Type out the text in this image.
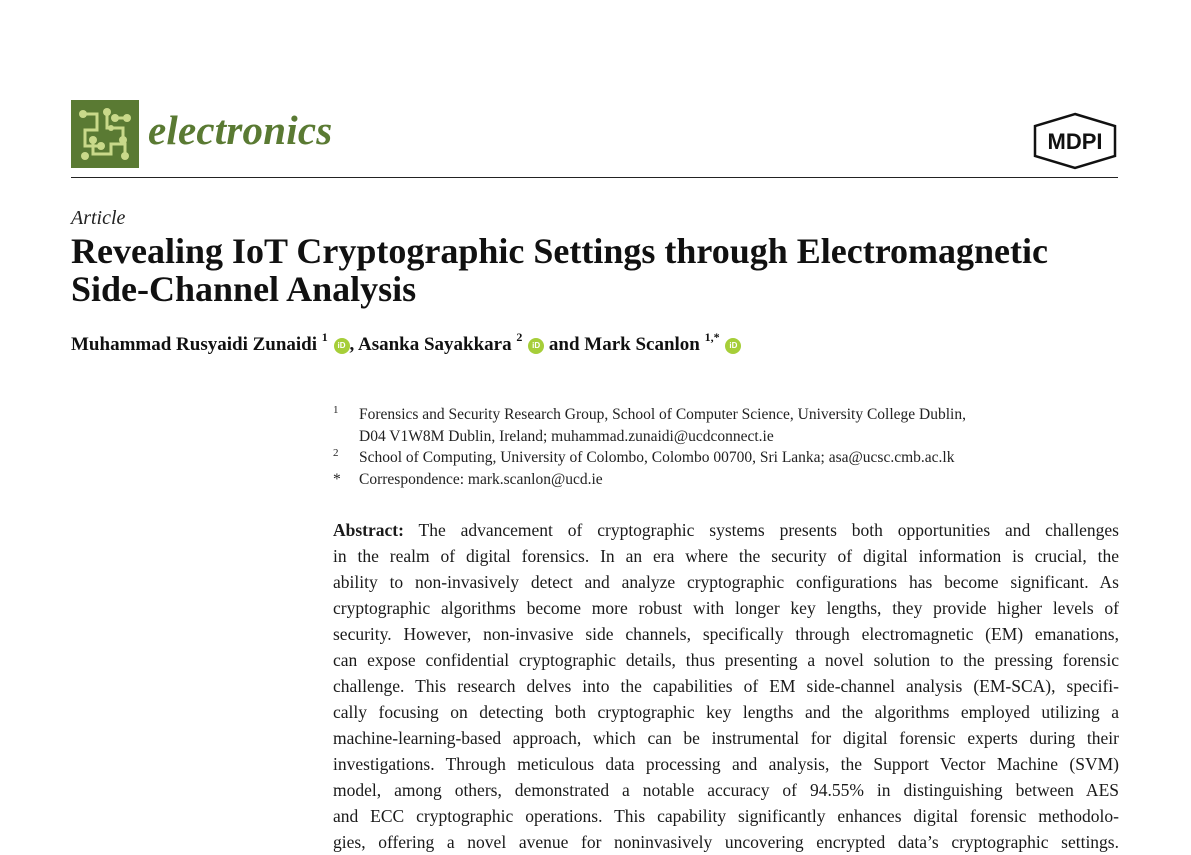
electronics	MDPI
Article
Revealing IoT Cryptographic Settings through Electromagnetic
Side-Channel Analysis
Muhammad Rusyaidi Zunaidi $^1$ iD , Asanka Sayakkara $^2$ iD and Mark Scanlon $^{1,*}$ iD
1 Forensics and Security Research Group, School of Computer Science, University College Dublin,
D04 V1W8M Dublin, Ireland; muhammad.zunaidi@ucdconnect.ie
2 School of Computing, University of Colombo, Colombo 00700, Sri Lanka; asa@ucsc.cmb.ac.lk
* Correspondence: mark.scanlon@ucd.ie
Abstract: The advancement of cryptographic systems presents both opportunities and challenges
in the realm of digital forensics. In an era where the security of digital information is crucial, the
ability to non-invasively detect and analyze cryptographic configurations has become significant. As
cryptographic algorithms become more robust with longer key lengths, they provide higher levels of
security. However, non-invasive side channels, specifically through electromagnetic (EM) emanations,
can expose confidential cryptographic details, thus presenting a novel solution to the pressing forensic
challenge. This research delves into the capabilities of EM side-channel analysis (EM-SCA), specifi-
cally focusing on detecting both cryptographic key lengths and the algorithms employed utilizing a
machine-learning-based approach, which can be instrumental for digital forensic experts during their
investigations. Through meticulous data processing and analysis, the Support Vector Machine (SVM)
model, among others, demonstrated a notable accuracy of 94.55% in distinguishing between AES
and ECC cryptographic operations. This capability significantly enhances digital forensic methodolo-
gies, offering a novel avenue for noninvasively uncovering encrypted data’s cryptographic settings.
